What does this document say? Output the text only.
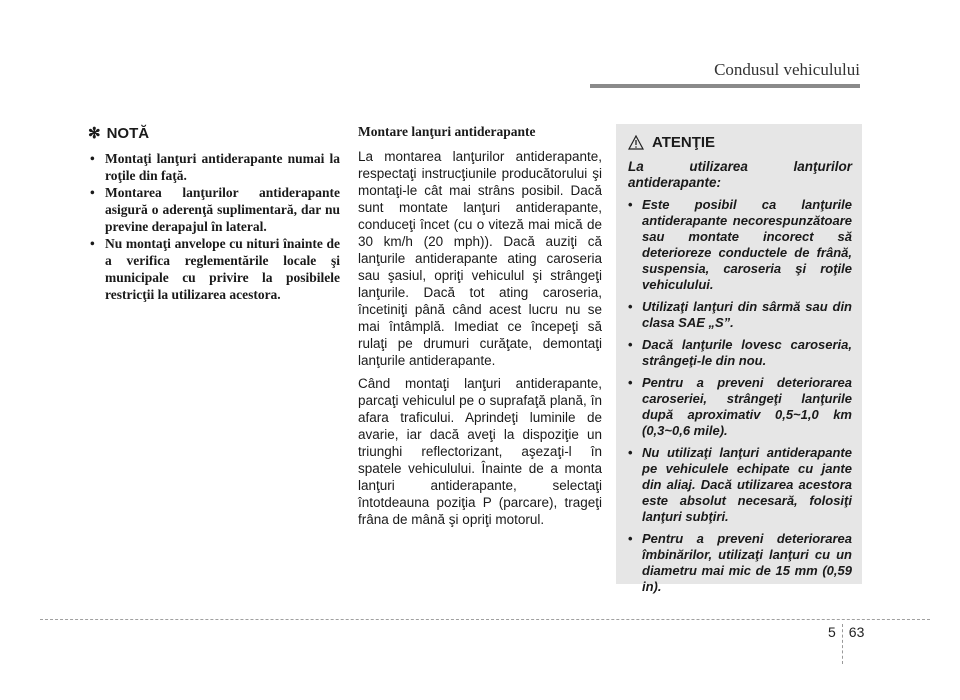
Condusul vehiculului
✻ NOTĂ
• Montaţi lanţuri antiderapante numai la roţile din faţă.
• Montarea lanţurilor antiderapante asigură o aderenţă suplimentară, dar nu previne derapajul în lateral.
• Nu montaţi anvelope cu nituri înainte de a verifica reglementările locale şi municipale cu privire la posibilele restricţii la utilizarea acestora.
Montare lanţuri antiderapante

La montarea lanţurilor antiderapante, respectaţi instrucţiunile producătorului şi montaţi-le cât mai strâns posibil. Dacă sunt montate lanţuri antiderapante, conduceţi încet (cu o viteză mai mică de 30 km/h (20 mph)). Dacă auziţi că lanţurile antiderapante ating caroseria sau şasiul, opriţi vehiculul şi strângeţi lanţurile. Dacă tot ating caroseria, încetiniţi până când acest lucru nu se mai întâmplă. Imediat ce începeţi să rulaţi pe drumuri curăţate, demontaţi lanţurile antiderapante.

Când montaţi lanţuri antiderapante, parcaţi vehiculul pe o suprafaţă plană, în afara traficului. Aprindeţi luminile de avarie, iar dacă aveţi la dispoziţie un triunghi reflectorizant, aşezaţi-l în spatele vehiculului. Înainte de a monta lanţuri antiderapante, selectaţi întotdeauna poziţia P (parcare), trageţi frâna de mână şi opriţi motorul.

ATENŢIE
La utilizarea lanţurilor antiderapante:
• Este posibil ca lanţurile antiderapante necorespunzătoare sau montate incorect să deterioreze conductele de frână, suspensia, caroseria şi roţile vehiculului.
• Utilizaţi lanţuri din sârmă sau din clasa SAE „S”.
• Dacă lanţurile lovesc caroseria, strângeţi-le din nou.
• Pentru a preveni deteriorarea caroseriei, strângeţi lanţurile după aproximativ 0,5~1,0 km (0,3~0,6 mile).
• Nu utilizaţi lanţuri antiderapante pe vehiculele echipate cu jante din aliaj. Dacă utilizarea acestora este absolut necesară, folosiţi lanţuri subţiri.
• Pentru a preveni deteriorarea îmbinărilor, utilizaţi lanţuri cu un diametru mai mic de 15 mm (0,59 in).
5 63
